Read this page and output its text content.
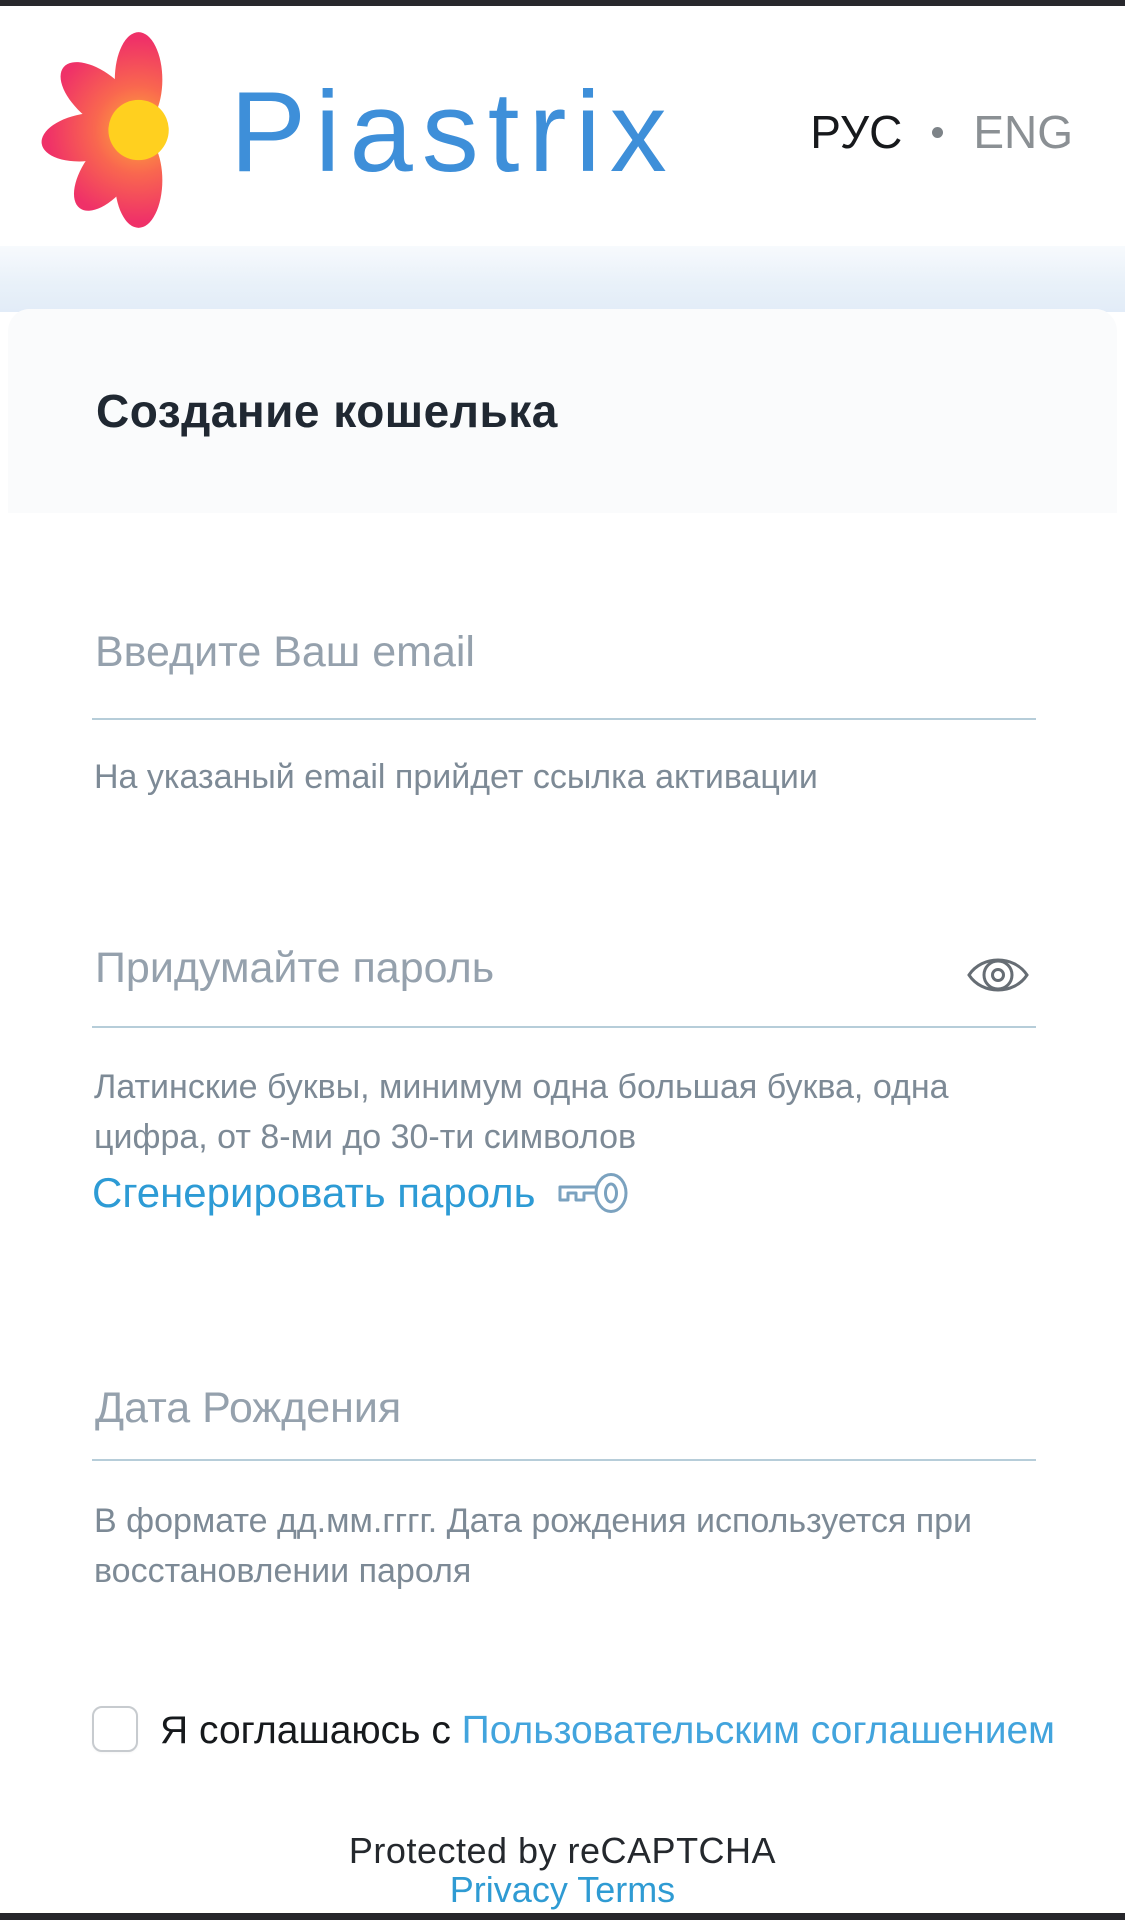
Piastrix	РУС ENG
Создание кошелька
Введите Ваш email
На указаный email прийдет ссылка активации
Придумайте пароль
Латинские буквы, минимум одна большая буква, одна цифра, от 8-ми до 30-ти символов
Сгенерировать пароль
Дата Рождения
В формате дд.мм.гггг. Дата рождения используется при восстановлении пароля
Я соглашаюсь с Пользовательским соглашением
Protected by reCAPTCHA
Privacy Terms
